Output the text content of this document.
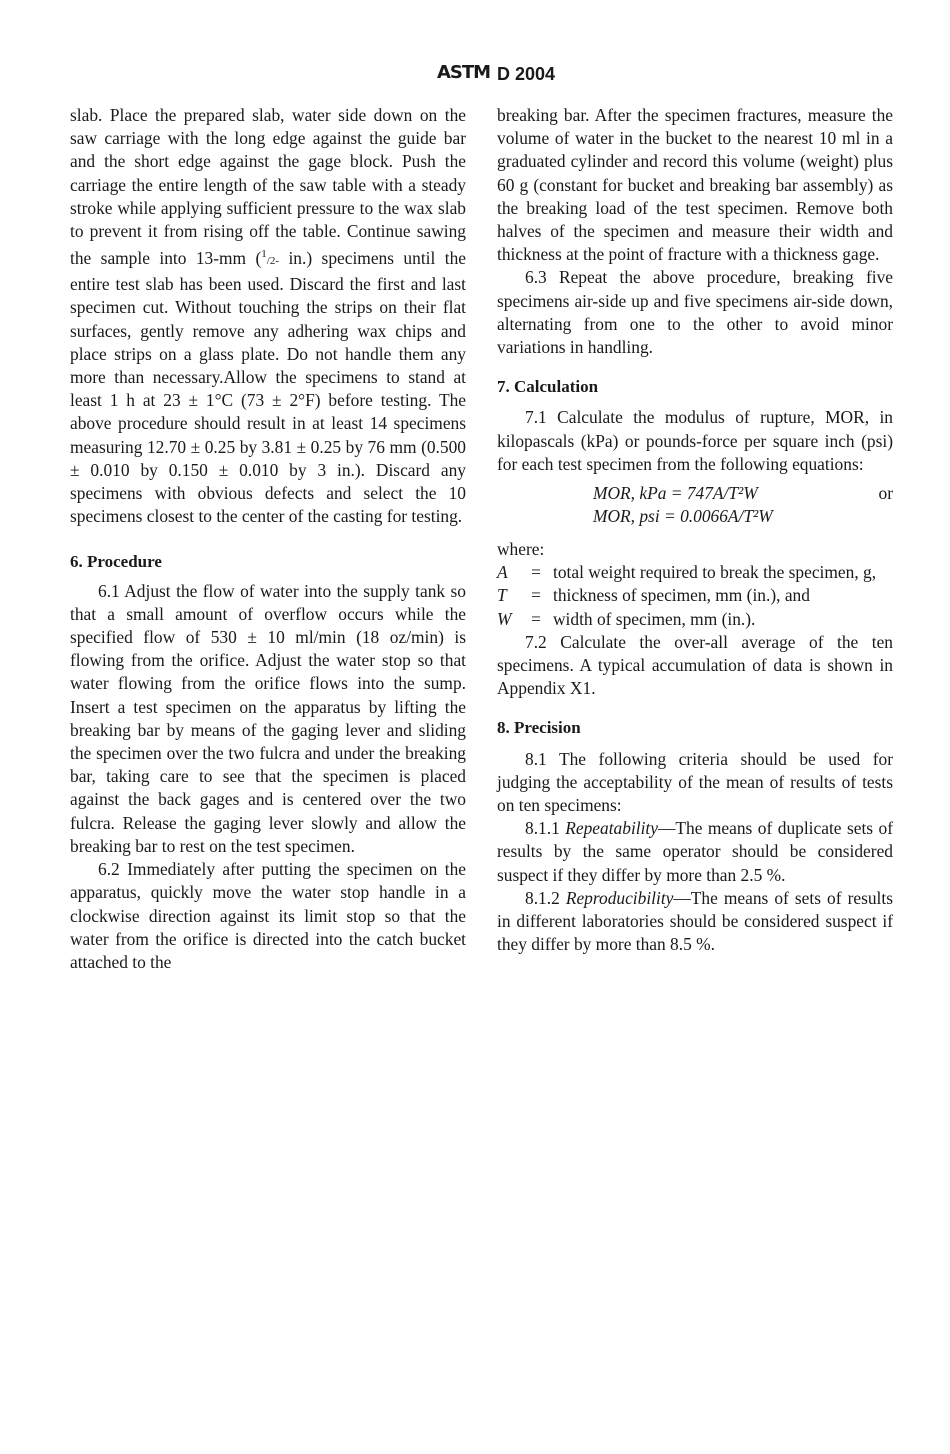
ASTM D 2004

slab. Place the prepared slab, water side down on the saw carriage with the long edge against the guide bar and the short edge against the gage block. Push the carriage the entire length of the saw table with a steady stroke while applying sufficient pressure to the wax slab to prevent it from rising off the table. Continue sawing the sample into 13-mm ($^1$/2- in.) specimens until the entire test slab has been used. Discard the first and last specimen cut. Without touching the strips on their flat surfaces, gently remove any adhering wax chips and place strips on a glass plate. Do not handle them any more than necessary.Allow the specimens to stand at least 1 h at 23 ± 1°C (73 ± 2°F) before testing. The above procedure should result in at least 14 specimens measuring 12.70 ± 0.25 by 3.81 ± 0.25 by 76 mm (0.500 ± 0.010 by 0.150 ± 0.010 by 3 in.). Discard any specimens with obvious defects and select the 10 specimens closest to the center of the casting for testing.

6. Procedure

6.1 Adjust the flow of water into the supply tank so that a small amount of overflow occurs while the specified flow of 530 ± 10 ml/min (18 oz/min) is flowing from the orifice. Adjust the water stop so that water flowing from the orifice flows into the sump. Insert a test specimen on the apparatus by lifting the breaking bar by means of the gaging lever and sliding the specimen over the two fulcra and under the breaking bar, taking care to see that the specimen is placed against the back gages and is centered over the two fulcra. Release the gaging lever slowly and allow the breaking bar to rest on the test specimen.

6.2 Immediately after putting the specimen on the apparatus, quickly move the water stop handle in a clockwise direction against its limit stop so that the water from the orifice is directed into the catch bucket attached to the

breaking bar. After the specimen fractures, measure the volume of water in the bucket to the nearest 10 ml in a graduated cylinder and record this volume (weight) plus 60 g (constant for bucket and breaking bar assembly) as the breaking load of the test specimen. Remove both halves of the specimen and measure their width and thickness at the point of fracture with a thickness gage.

6.3 Repeat the above procedure, breaking five specimens air-side up and five specimens air-side down, alternating from one to the other to avoid minor variations in handling.

7. Calculation

7.1 Calculate the modulus of rupture, MOR, in kilopascals (kPa) or pounds-force per square inch (psi) for each test specimen from the following equations:

MOR, kPa = 747A/T²W	or
MOR, psi = 0.0066A/T²W

where:

A	= total weight required to break the specimen, g,
T	= thickness of specimen, mm (in.), and
W	= width of specimen, mm (in.).

7.2 Calculate the over-all average of the ten specimens. A typical accumulation of data is shown in Appendix X1.

8. Precision

8.1 The following criteria should be used for judging the acceptability of the mean of results of tests on ten specimens:

8.1.1 Repeatability—The means of duplicate sets of results by the same operator should be considered suspect if they differ by more than 2.5 %.

8.1.2 Reproducibility—The means of sets of results in different laboratories should be considered suspect if they differ by more than 8.5 %.
